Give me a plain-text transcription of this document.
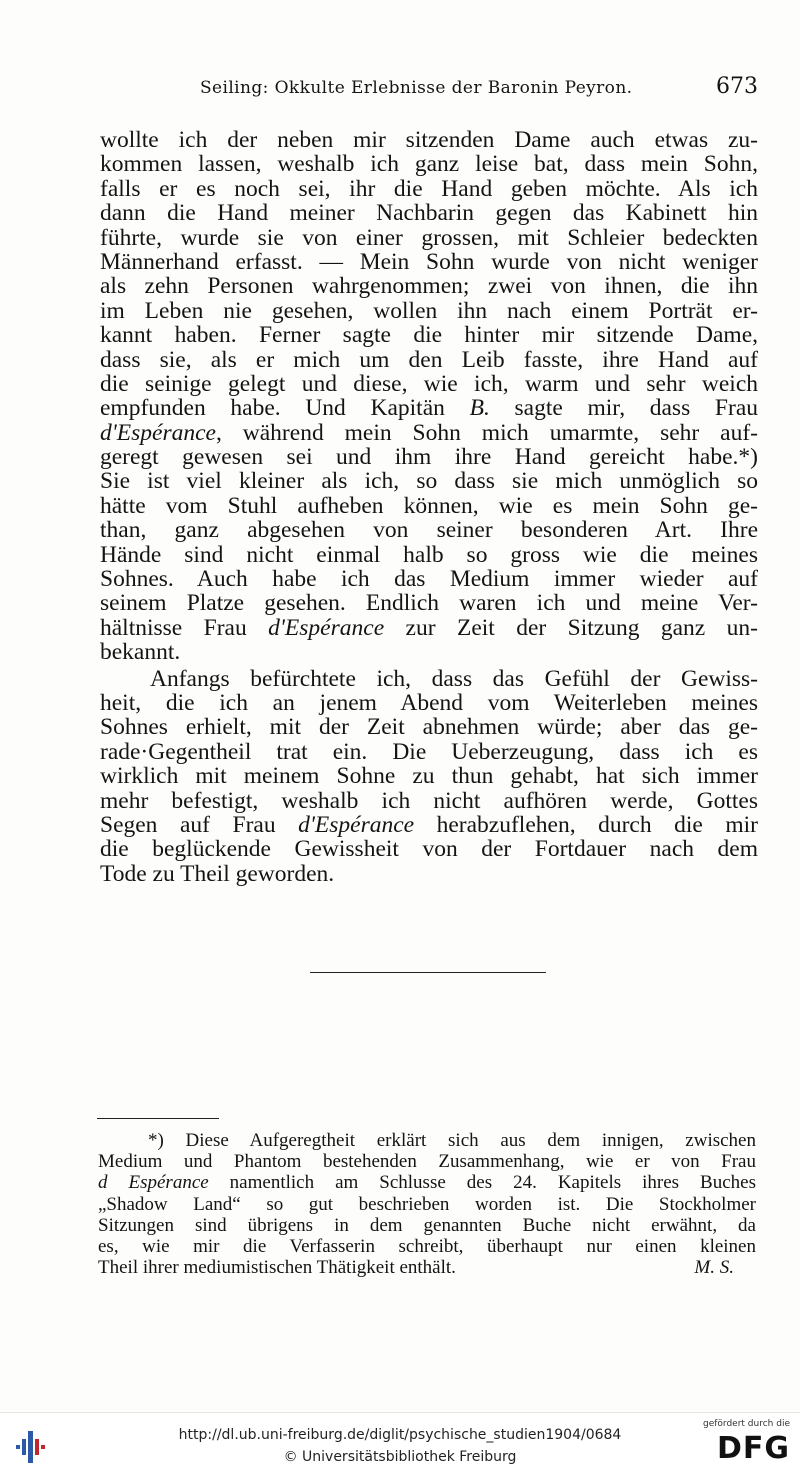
Seiling: Okkulte Erlebnisse der Baronin Peyron.	673
wollte ich der neben mir sitzenden Dame auch etwas zu-
kommen lassen, weshalb ich ganz leise bat, dass mein Sohn,
falls er es noch sei, ihr die Hand geben möchte. Als ich
dann die Hand meiner Nachbarin gegen das Kabinett hin
führte, wurde sie von einer grossen, mit Schleier bedeckten
Männerhand erfasst. — Mein Sohn wurde von nicht weniger
als zehn Personen wahrgenommen; zwei von ihnen, die ihn
im Leben nie gesehen, wollen ihn nach einem Porträt er-
kannt haben. Ferner sagte die hinter mir sitzende Dame,
dass sie, als er mich um den Leib fasste, ihre Hand auf
die seinige gelegt und diese, wie ich, warm und sehr weich
empfunden habe. Und Kapitän B. sagte mir, dass Frau
d'Espérance, während mein Sohn mich umarmte, sehr auf-
geregt gewesen sei und ihm ihre Hand gereicht habe.*)
Sie ist viel kleiner als ich, so dass sie mich unmöglich so
hätte vom Stuhl aufheben können, wie es mein Sohn ge-
than, ganz abgesehen von seiner besonderen Art. Ihre
Hände sind nicht einmal halb so gross wie die meines
Sohnes. Auch habe ich das Medium immer wieder auf
seinem Platze gesehen. Endlich waren ich und meine Ver-
hältnisse Frau d'Espérance zur Zeit der Sitzung ganz un-
bekannt.
Anfangs befürchtete ich, dass das Gefühl der Gewiss-
heit, die ich an jenem Abend vom Weiterleben meines
Sohnes erhielt, mit der Zeit abnehmen würde; aber das ge-
rade·Gegentheil trat ein. Die Ueberzeugung, dass ich es
wirklich mit meinem Sohne zu thun gehabt, hat sich immer
mehr befestigt, weshalb ich nicht aufhören werde, Gottes
Segen auf Frau d'Espérance herabzuflehen, durch die mir
die beglückende Gewissheit von der Fortdauer nach dem
Tode zu Theil geworden.
*) Diese Aufgeregtheit erklärt sich aus dem innigen, zwischen
Medium und Phantom bestehenden Zusammenhang, wie er von Frau
d Espérance namentlich am Schlusse des 24. Kapitels ihres Buches
„Shadow Land“ so gut beschrieben worden ist. Die Stockholmer
Sitzungen sind übrigens in dem genannten Buche nicht erwähnt, da
es, wie mir die Verfasserin schreibt, überhaupt nur einen kleinen
Theil ihrer mediumistischen Thätigkeit enthält.	M. S.
http://dl.ub.uni-freiburg.de/diglit/psychische_studien1904/0684
© Universitätsbibliothek Freiburg
gefördert durch die
DFG
